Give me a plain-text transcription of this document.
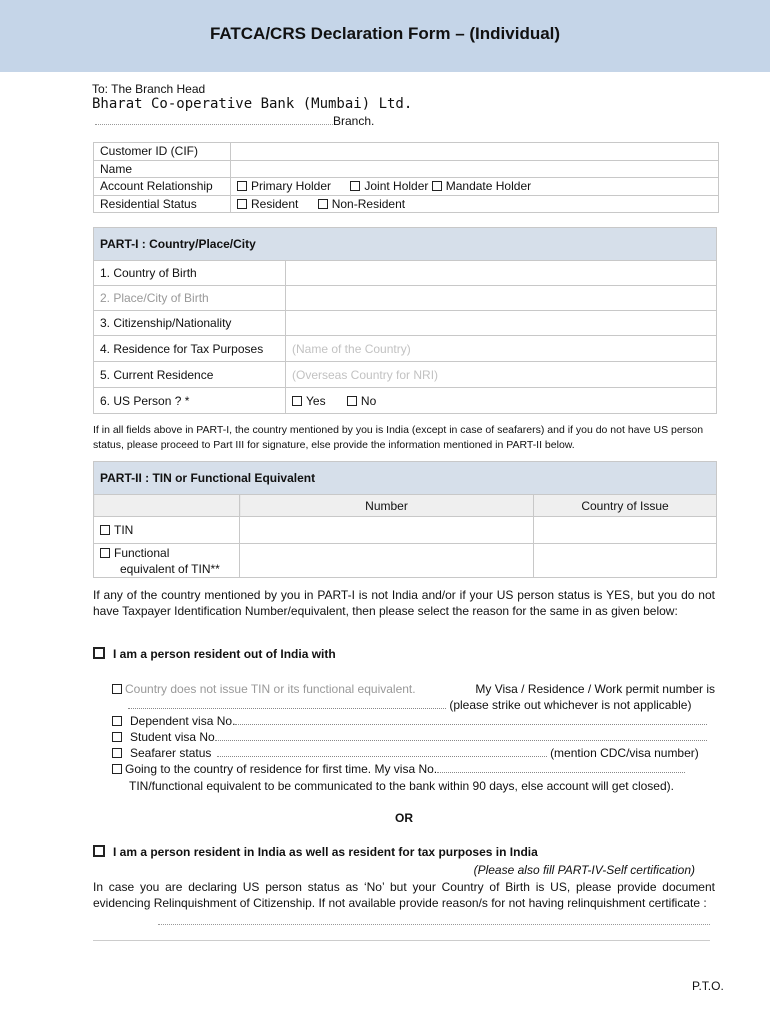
FATCA/CRS Declaration Form – (Individual)
To: The Branch Head
Bharat Co-operative Bank (Mumbai) Ltd.
Branch.
Customer ID (CIF)	
Name	
Account Relationship	Primary Holder Joint Holder Mandate Holder
Residential Status	Resident Non-Resident
PART-I : Country/Place/City	
1. Country of Birth	
2. Place/City of Birth	
3. Citizenship/Nationality	
4. Residence for Tax Purposes	(Name of the Country)
5. Current Residence	(Overseas Country for NRI)
6. US Person ? *	Yes No
If in all fields above in PART-I, the country mentioned by you is India (except in case of seafarers) and if you do not have US person status, please proceed to Part III for signature, else provide the information mentioned in PART-II below.
PART-II : TIN or Functional Equivalent		
	Number	Country of Issue
TIN		
Functional
equivalent of TIN**		
If any of the country mentioned by you in PART-I is not India and/or if your US person status is YES, but you do not have Taxpayer Identification Number/equivalent, then please select the reason for the same in as given below:
I am a person resident out of India with
Country does not issue TIN or its functional equivalent.	My Visa / Residence / Work permit number is
(please strike out whichever is not applicable)
Dependent visa No.
Student visa No
Seafarer status	(mention CDC/visa number)
Going to the country of residence for first time. My visa No.
TIN/functional equivalent to be communicated to the bank within 90 days, else account will get closed).
OR
I am a person resident in India as well as resident for tax purposes in India
(Please also fill PART-IV-Self certification)
In case you are declaring US person status as ‘No’ but your Country of Birth is US, please provide document evidencing Relinquishment of Citizenship. If not available provide reason/s for not having relinquishment certificate :
P.T.O.
